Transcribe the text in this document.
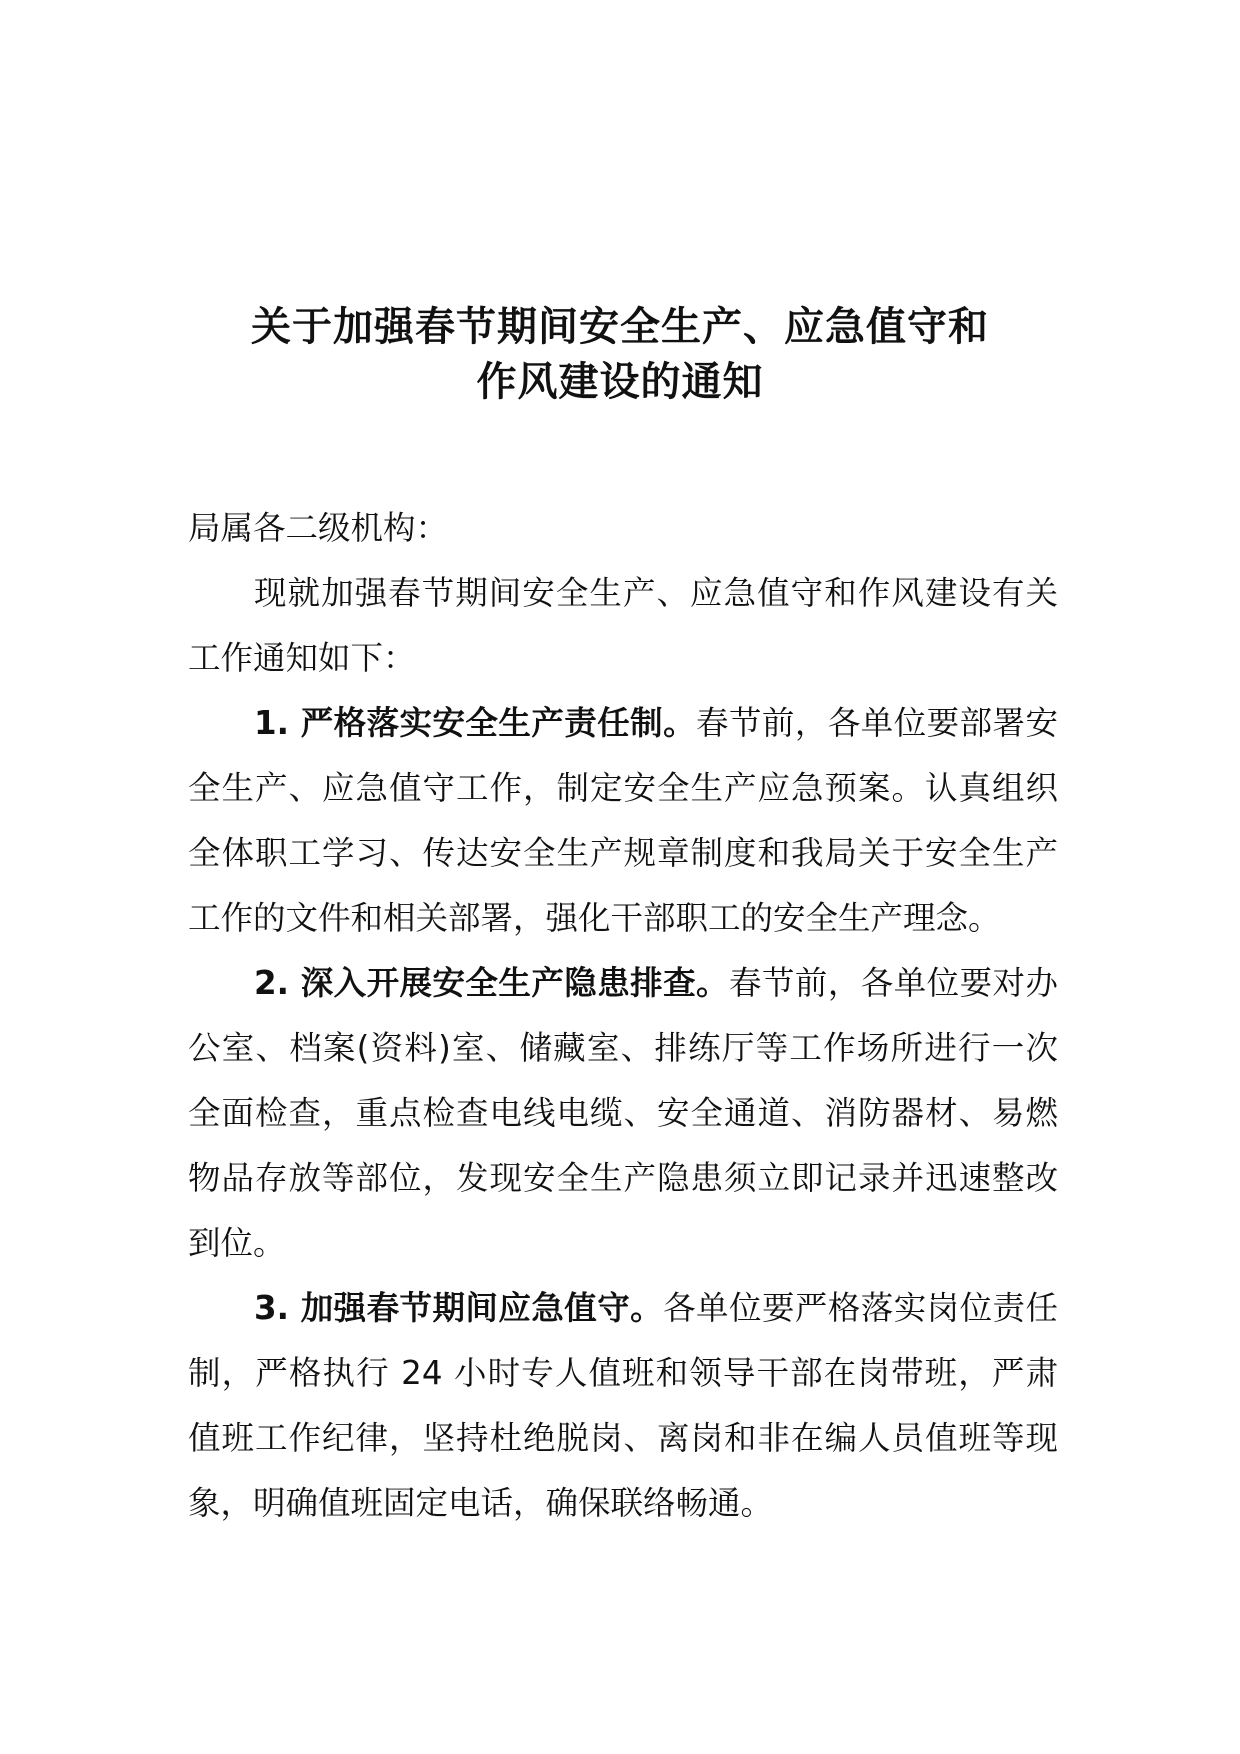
关于加强春节期间安全生产、应急值守和
作风建设的通知

局属各二级机构：

现就加强春节期间安全生产、应急值守和作风建设有关工作通知如下：

1. 严格落实安全生产责任制。春节前，各单位要部署安全生产、应急值守工作，制定安全生产应急预案。认真组织全体职工学习、传达安全生产规章制度和我局关于安全生产工作的文件和相关部署，强化干部职工的安全生产理念。

2. 深入开展安全生产隐患排查。春节前，各单位要对办公室、档案(资料)室、储藏室、排练厅等工作场所进行一次全面检查，重点检查电线电缆、安全通道、消防器材、易燃物品存放等部位，发现安全生产隐患须立即记录并迅速整改到位。

3. 加强春节期间应急值守。各单位要严格落实岗位责任制，严格执行 24 小时专人值班和领导干部在岗带班，严肃值班工作纪律，坚持杜绝脱岗、离岗和非在编人员值班等现象，明确值班固定电话，确保联络畅通。
